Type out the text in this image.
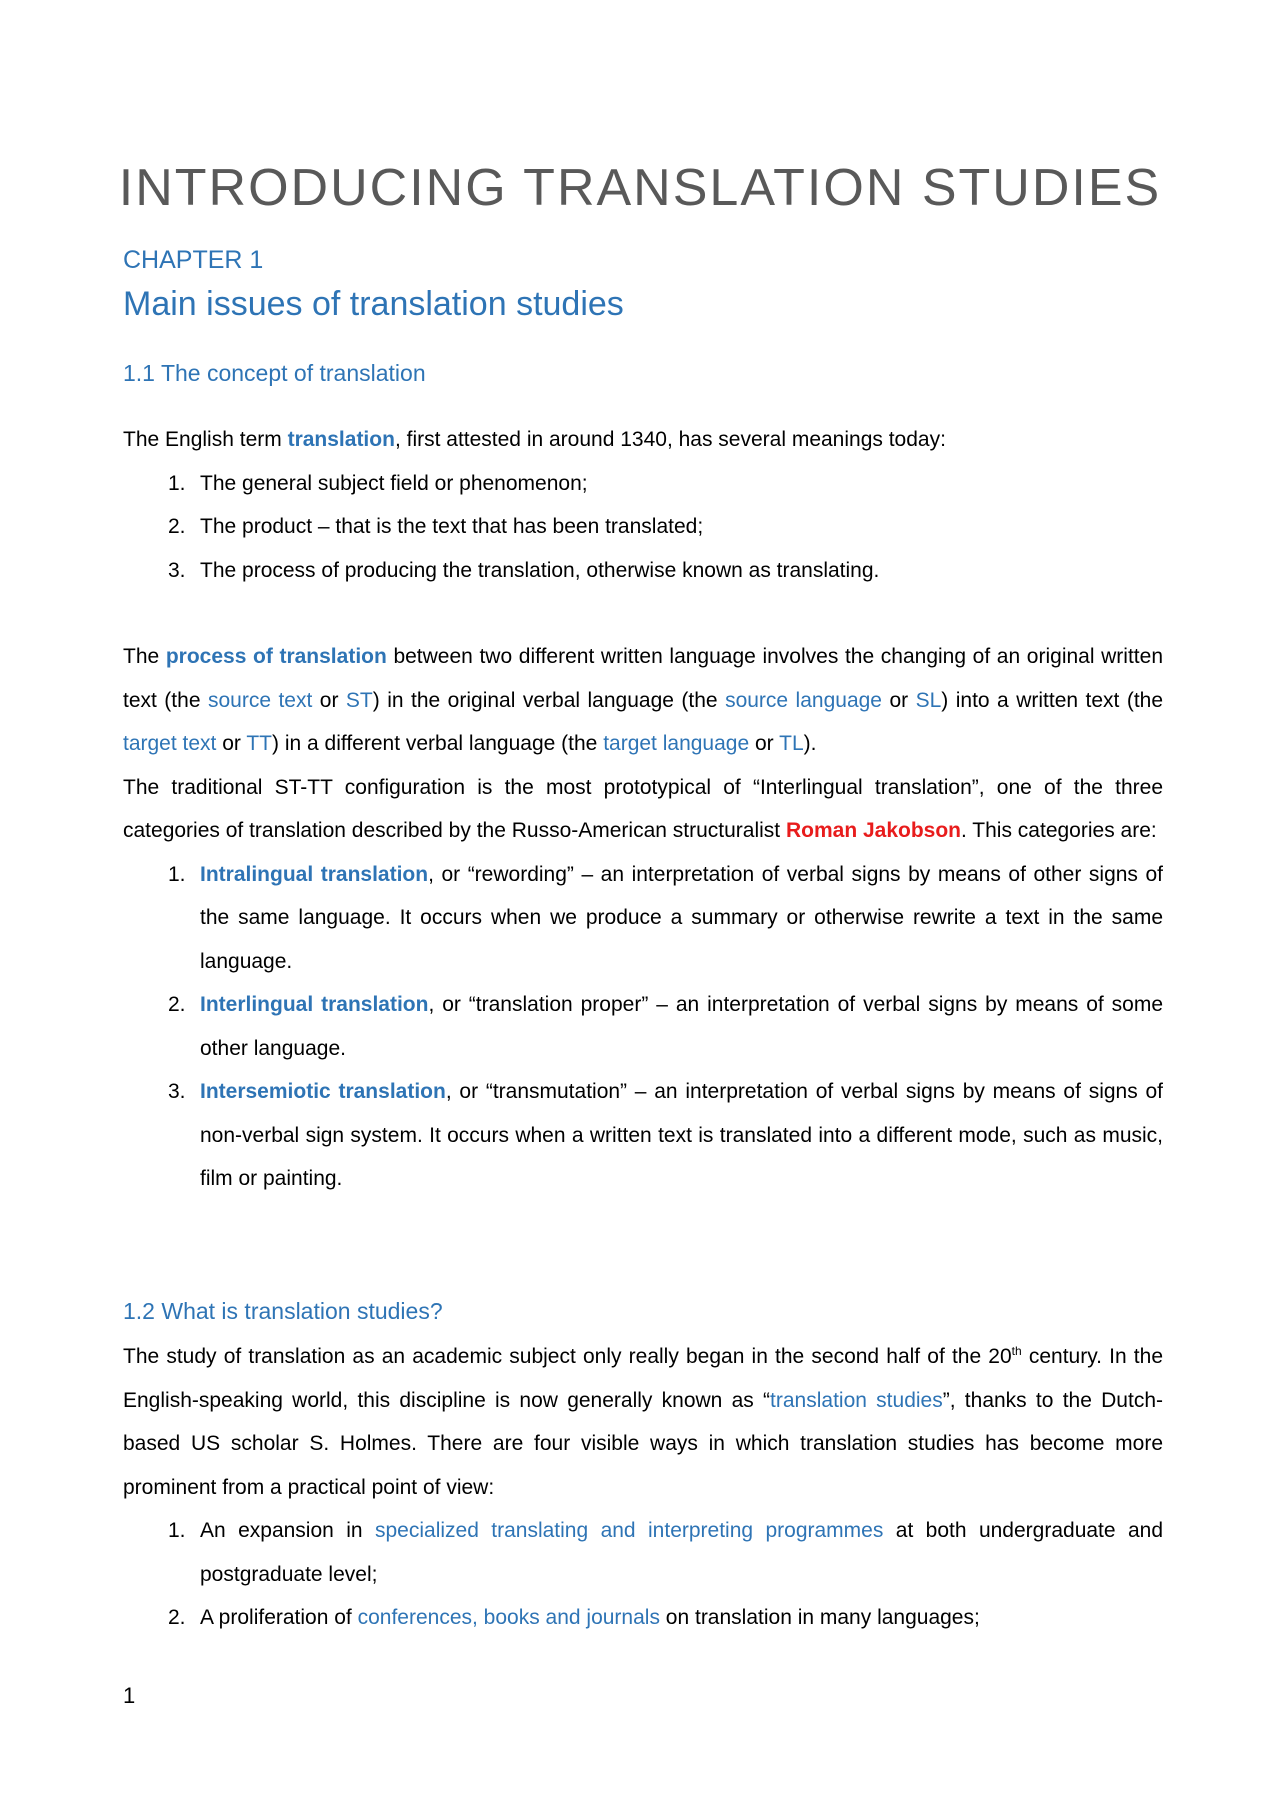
INTRODUCING TRANSLATION STUDIES

CHAPTER 1

Main issues of translation studies
1.1 The concept of translation

The English term translation, first attested in around 1340, has several meanings today:

1. The general subject field or phenomenon;
2. The product – that is the text that has been translated;
3. The process of producing the translation, otherwise known as translating.

The process of translation between two different written language involves the changing of an original written text (the source text or ST) in the original verbal language (the source language or SL) into a written text (the target text or TT) in a different verbal language (the target language or TL).

The traditional ST-TT configuration is the most prototypical of “Interlingual translation”, one of the three categories of translation described by the Russo-American structuralist Roman Jakobson. This categories are:

1. Intralingual translation, or “rewording” – an interpretation of verbal signs by means of other signs of the same language. It occurs when we produce a summary or otherwise rewrite a text in the same language.
2. Interlingual translation, or “translation proper” – an interpretation of verbal signs by means of some other language.
3. Intersemiotic translation, or “transmutation” – an interpretation of verbal signs by means of signs of non-verbal sign system. It occurs when a written text is translated into a different mode, such as music, film or painting.
1.2 What is translation studies?

The study of translation as an academic subject only really began in the second half of the 20th century. In the English-speaking world, this discipline is now generally known as “translation studies”, thanks to the Dutch-based US scholar S. Holmes. There are four visible ways in which translation studies has become more prominent from a practical point of view:

1. An expansion in specialized translating and interpreting programmes at both undergraduate and postgraduate level;
2. A proliferation of conferences, books and journals on translation in many languages;

1
